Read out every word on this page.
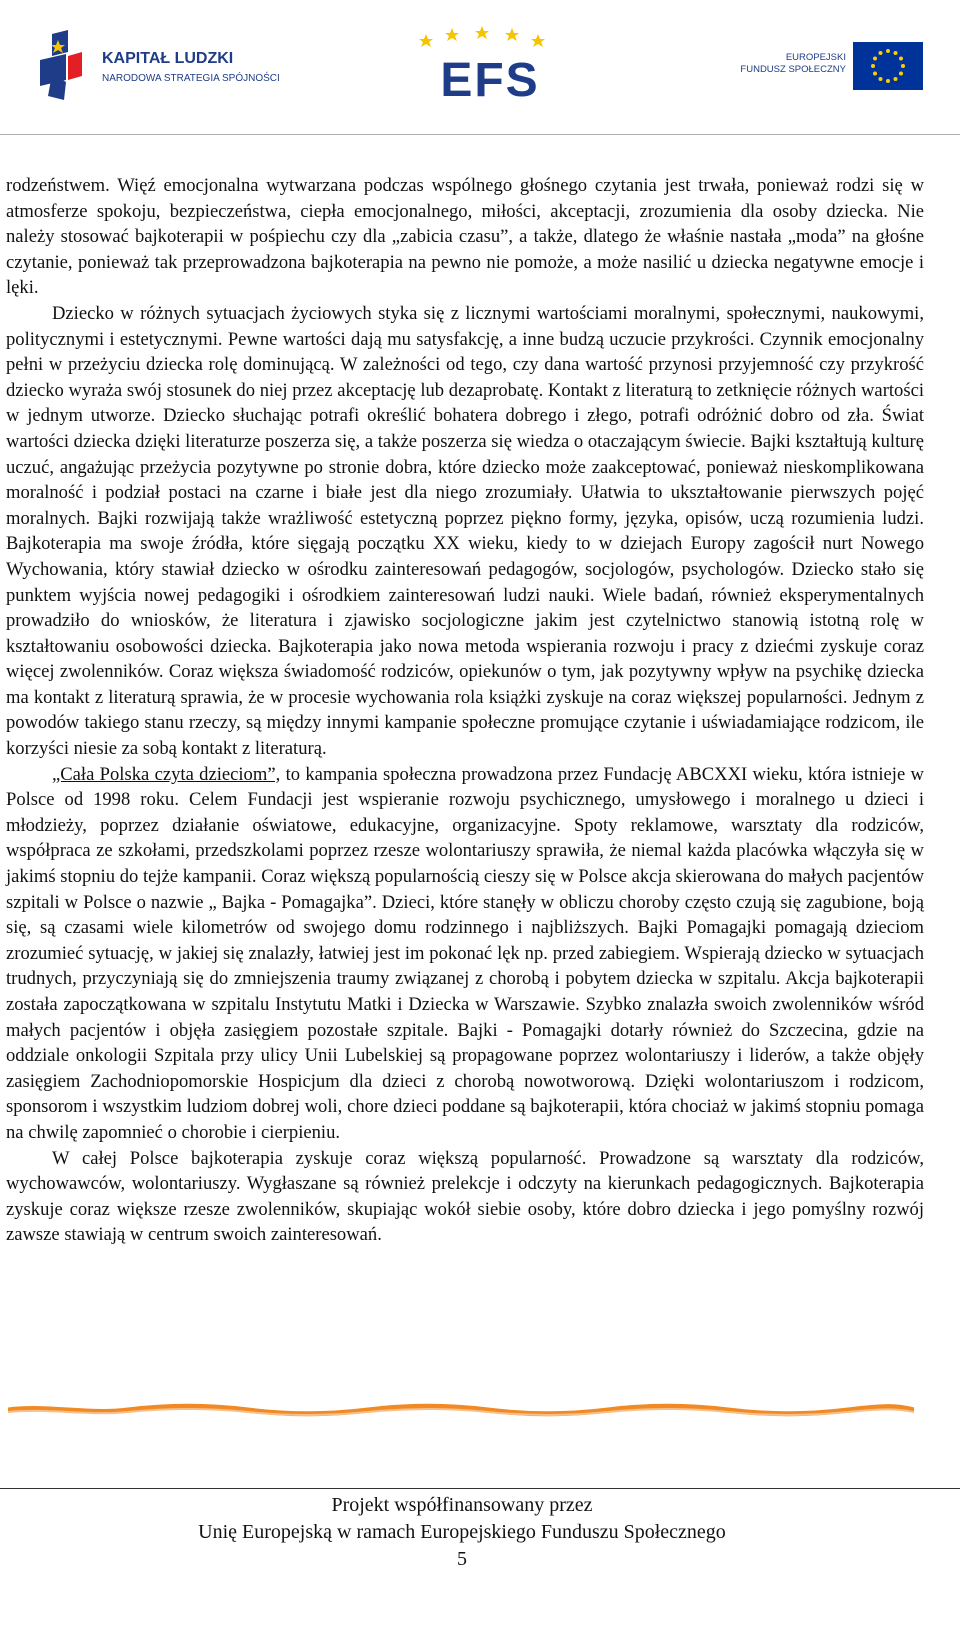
KAPITAŁ LUDZKI
NARODOWA STRATEGIA SPÓJNOŚCI	EFS	EUROPEJSKI
FUNDUSZ SPOŁECZNY

rodzeństwem. Więź emocjonalna wytwarzana podczas wspólnego głośnego czytania jest trwała, ponieważ rodzi się w atmosferze spokoju, bezpieczeństwa, ciepła emocjonalnego, miłości, akceptacji, zrozumienia dla osoby dziecka. Nie należy stosować bajkoterapii w pośpiechu czy dla „zabicia czasu”, a także, dlatego że właśnie nastała „moda” na głośne czytanie, ponieważ tak przeprowadzona bajkoterapia na pewno nie pomoże, a może nasilić u dziecka negatywne emocje i lęki.

Dziecko w różnych sytuacjach życiowych styka się z licznymi wartościami moralnymi, społecznymi, naukowymi, politycznymi i estetycznymi. Pewne wartości dają mu satysfakcję, a inne budzą uczucie przykrości. Czynnik emocjonalny pełni w przeżyciu dziecka rolę dominującą. W zależności od tego, czy dana wartość przynosi przyjemność czy przykrość dziecko wyraża swój stosunek do niej przez akceptację lub dezaprobatę. Kontakt z literaturą to zetknięcie różnych wartości w jednym utworze. Dziecko słuchając potrafi określić bohatera dobrego i złego, potrafi odróżnić dobro od zła. Świat wartości dziecka dzięki literaturze poszerza się, a także poszerza się wiedza o otaczającym świecie. Bajki kształtują kulturę uczuć, angażując przeżycia pozytywne po stronie dobra, które dziecko może zaakceptować, ponieważ nieskomplikowana moralność i podział postaci na czarne i białe jest dla niego zrozumiały. Ułatwia to ukształtowanie pierwszych pojęć moralnych. Bajki rozwijają także wrażliwość estetyczną poprzez piękno formy, języka, opisów, uczą rozumienia ludzi. Bajkoterapia ma swoje źródła, które sięgają początku XX wieku, kiedy to w dziejach Europy zagościł nurt Nowego Wychowania, który stawiał dziecko w ośrodku zainteresowań pedagogów, socjologów, psychologów. Dziecko stało się punktem wyjścia nowej pedagogiki i ośrodkiem zainteresowań ludzi nauki. Wiele badań, również eksperymentalnych prowadziło do wniosków, że literatura i zjawisko socjologiczne jakim jest czytelnictwo stanowią istotną rolę w kształtowaniu osobowości dziecka. Bajkoterapia jako nowa metoda wspierania rozwoju i pracy z dziećmi zyskuje coraz więcej zwolenników. Coraz większa świadomość rodziców, opiekunów o tym, jak pozytywny wpływ na psychikę dziecka ma kontakt z literaturą sprawia, że w procesie wychowania rola książki zyskuje na coraz większej popularności. Jednym z powodów takiego stanu rzeczy, są między innymi kampanie społeczne promujące czytanie i uświadamiające rodzicom, ile korzyści niesie za sobą kontakt z literaturą.

„Cała Polska czyta dzieciom”, to kampania społeczna prowadzona przez Fundację ABCXXI wieku, która istnieje w Polsce od 1998 roku. Celem Fundacji jest wspieranie rozwoju psychicznego, umysłowego i moralnego u dzieci i młodzieży, poprzez działanie oświatowe, edukacyjne, organizacyjne. Spoty reklamowe, warsztaty dla rodziców, współpraca ze szkołami, przedszkolami poprzez rzesze wolontariuszy sprawiła, że niemal każda placówka włączyła się w jakimś stopniu do tejże kampanii. Coraz większą popularnością cieszy się w Polsce akcja skierowana do małych pacjentów szpitali w Polsce o nazwie „ Bajka - Pomagajka”. Dzieci, które stanęły w obliczu choroby często czują się zagubione, boją się, są czasami wiele kilometrów od swojego domu rodzinnego i najbliższych. Bajki Pomagajki pomagają dzieciom zrozumieć sytuację, w jakiej się znalazły, łatwiej jest im pokonać lęk np. przed zabiegiem. Wspierają dziecko w sytuacjach trudnych, przyczyniają się do zmniejszenia traumy związanej z chorobą i pobytem dziecka w szpitalu. Akcja bajkoterapii została zapoczątkowana w szpitalu Instytutu Matki i Dziecka w Warszawie. Szybko znalazła swoich zwolenników wśród małych pacjentów i objęła zasięgiem pozostałe szpitale. Bajki - Pomagajki dotarły również do Szczecina, gdzie na oddziale onkologii Szpitala przy ulicy Unii Lubelskiej są propagowane poprzez wolontariuszy i liderów, a także objęły zasięgiem Zachodniopomorskie Hospicjum dla dzieci z chorobą nowotworową. Dzięki wolontariuszom i rodzicom, sponsorom i wszystkim ludziom dobrej woli, chore dzieci poddane są bajkoterapii, która chociaż w jakimś stopniu pomaga na chwilę zapomnieć o chorobie i cierpieniu.

W całej Polsce bajkoterapia zyskuje coraz większą popularność. Prowadzone są warsztaty dla rodziców, wychowawców, wolontariuszy. Wygłaszane są również prelekcje i odczyty na kierunkach pedagogicznych. Bajkoterapia zyskuje coraz większe rzesze zwolenników, skupiając wokół siebie osoby, które dobro dziecka i jego pomyślny rozwój zawsze stawiają w centrum swoich zainteresowań.

Projekt współfinansowany przez
Unię Europejską w ramach Europejskiego Funduszu Społecznego
5
